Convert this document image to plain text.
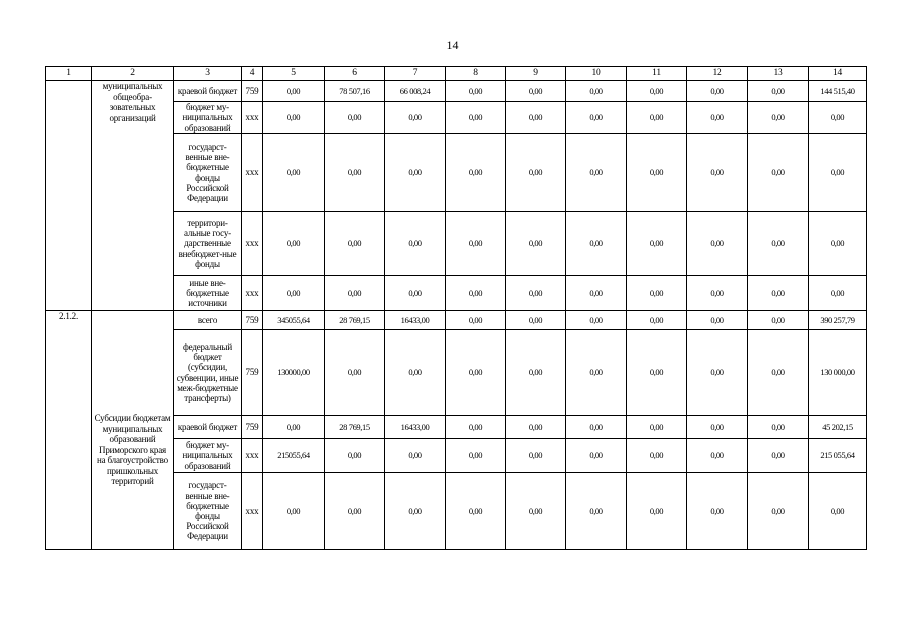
14
1	2	3	4	5	6	7	8	9	10	11	12	13	14
	муниципальных общеобра-зовательных организаций	краевой бюджет	759	0,00	78 507,16	66 008,24	0,00	0,00	0,00	0,00	0,00	0,00	144 515,40
		бюджет му-ниципальных образований	xxx	0,00	0,00	0,00	0,00	0,00	0,00	0,00	0,00	0,00	0,00
		государст-венные вне-бюджетные фонды Российской Федерации	xxx	0,00	0,00	0,00	0,00	0,00	0,00	0,00	0,00	0,00	0,00
		территори-альные госу-дарственные внебюджет-ные фонды	xxx	0,00	0,00	0,00	0,00	0,00	0,00	0,00	0,00	0,00	0,00
		иные вне-бюджетные источники	xxx	0,00	0,00	0,00	0,00	0,00	0,00	0,00	0,00	0,00	0,00
2.1.2.	Субсидии бюджетам муниципальных образований Приморского края на благоустройство пришкольных территорий	всего	759	345055,64	28 769,15	16433,00	0,00	0,00	0,00	0,00	0,00	0,00	390 257,79
		федеральный бюджет (субсидии, субвенции, иные меж-бюджетные трансферты)	759	130000,00	0,00	0,00	0,00	0,00	0,00	0,00	0,00	0,00	130 000,00
		краевой бюджет	759	0,00	28 769,15	16433,00	0,00	0,00	0,00	0,00	0,00	0,00	45 202,15
		бюджет му-ниципальных образований	xxx	215055,64	0,00	0,00	0,00	0,00	0,00	0,00	0,00	0,00	215 055,64
		государст-венные вне-бюджетные фонды Российской Федерации	xxx	0,00	0,00	0,00	0,00	0,00	0,00	0,00	0,00	0,00	0,00
